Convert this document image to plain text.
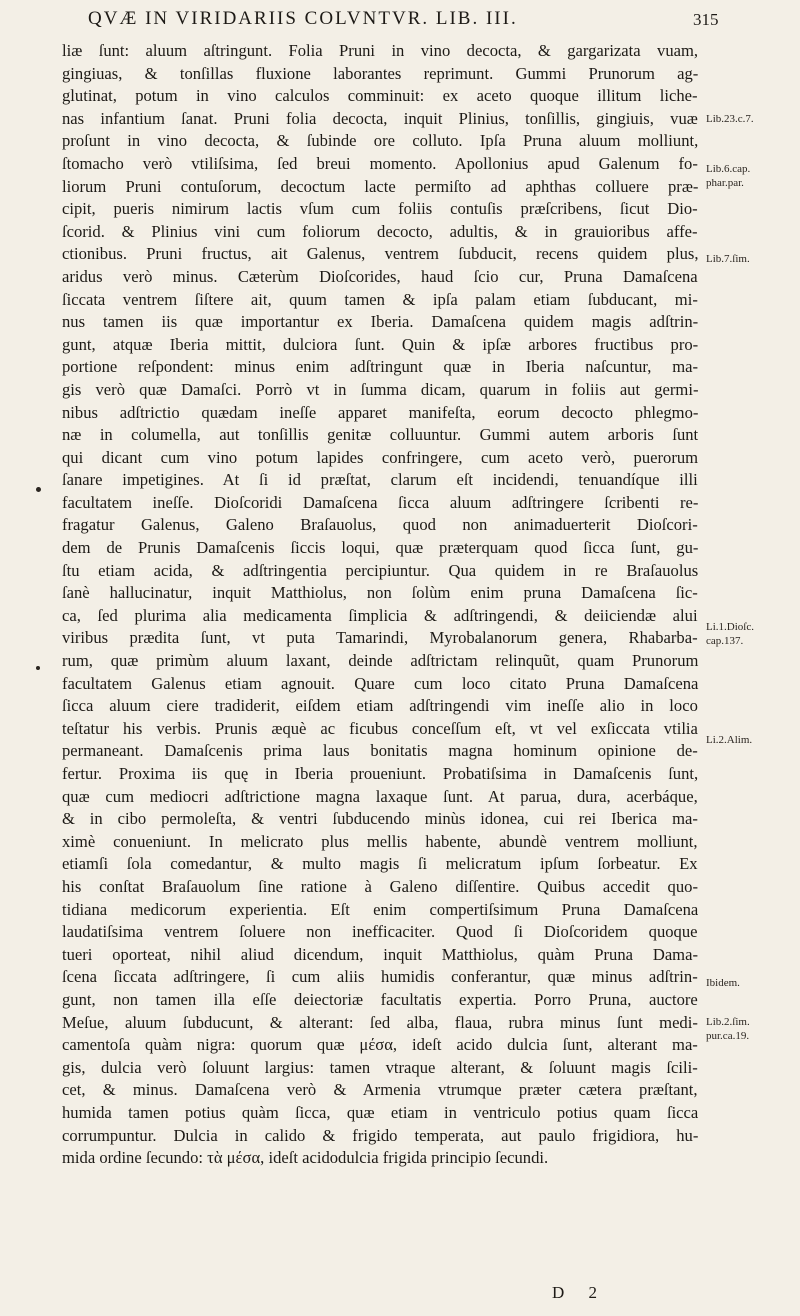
QVÆ IN VIRIDARIIS COLVNTVR. LIB. III.	315
liæ ſunt: aluum aſtringunt. Folia Pruni in vino decocta, & gargarizata vuam,
gingiuas, & tonſillas fluxione laborantes reprimunt. Gummi Prunorum ag-
glutinat, potum in vino calculos comminuit: ex aceto quoque illitum liche-
nas infantium ſanat. Pruni folia decocta, inquit Plinius, tonſillis, gingiuis, vuæ
proſunt in vino decocta, & ſubinde ore colluto. Ipſa Pruna aluum molliunt,
ſtomacho verò vtiliſsima, ſed breui momento. Apollonius apud Galenum fo-
liorum Pruni contuſorum, decoctum lacte permiſto ad aphthas colluere præ-
cipit, pueris nimirum lactis vſum cum foliis contuſis præſcribens, ſicut Dio-
ſcorid. & Plinius vini cum foliorum decocto, adultis, & in grauioribus affe-
ctionibus. Pruni fructus, ait Galenus, ventrem ſubducit, recens quidem plus,
aridus verò minus. Cæterùm Dioſcorides, haud ſcio cur, Pruna Damaſcena
ſiccata ventrem ſiſtere ait, quum tamen & ipſa palam etiam ſubducant, mi-
nus tamen iis quæ importantur ex Iberia. Damaſcena quidem magis adſtrin-
gunt, atquæ Iberia mittit, dulciora ſunt. Quin & ipſæ arbores fructibus pro-
portione reſpondent: minus enim adſtringunt quæ in Iberia naſcuntur, ma-
gis verò quæ Damaſci. Porrò vt in ſumma dicam, quarum in foliis aut germi-
nibus adſtrictio quædam ineſſe apparet manifeſta, eorum decocto phlegmo-
næ in columella, aut tonſillis genitæ colluuntur. Gummi autem arboris ſunt
qui dicant cum vino potum lapides confringere, cum aceto verò, puerorum
ſanare impetigines. At ſi id præſtat, clarum eſt incidendi, tenuandíque illi
facultatem ineſſe. Dioſcoridi Damaſcena ſicca aluum adſtringere ſcribenti re-
fragatur Galenus, Galeno Braſauolus, quod non animaduerterit Dioſcori-
dem de Prunis Damaſcenis ſiccis loqui, quæ præterquam quod ſicca ſunt, gu-
ſtu etiam acida, & adſtringentia percipiuntur. Qua quidem in re Braſauolus
ſanè hallucinatur, inquit Matthiolus, non ſolùm enim pruna Damaſcena ſic-
ca, ſed plurima alia medicamenta ſimplicia & adſtringendi, & deiiciendæ alui
viribus prædita ſunt, vt puta Tamarindi, Myrobalanorum genera, Rhabarba-
rum, quæ primùm aluum laxant, deinde adſtrictam relinquũt, quam Prunorum
facultatem Galenus etiam agnouit. Quare cum loco citato Pruna Damaſcena
ſicca aluum ciere tradiderit, eiſdem etiam adſtringendi vim ineſſe alio in loco
teſtatur his verbis. Prunis æquè ac ficubus conceſſum eſt, vt vel exſiccata vtilia
permaneant. Damaſcenis prima laus bonitatis magna hominum opinione de-
fertur. Proxima iis quę in Iberia proueniunt. Probatiſsima in Damaſcenis ſunt,
quæ cum mediocri adſtrictione magna laxaque ſunt. At parua, dura, acerbáque,
& in cibo permoleſta, & ventri ſubducendo minùs idonea, cui rei Iberica ma-
ximè conueniunt. In melicrato plus mellis habente, abundè ventrem molliunt,
etiamſi ſola comedantur, & multo magis ſi melicratum ipſum ſorbeatur. Ex
his conſtat Braſauolum ſine ratione à Galeno diſſentire. Quibus accedit quo-
tidiana medicorum experientia. Eſt enim compertiſsimum Pruna Damaſcena
laudatiſsima ventrem ſoluere non inefficaciter. Quod ſi Dioſcoridem quoque
tueri oporteat, nihil aliud dicendum, inquit Matthiolus, quàm Pruna Dama-
ſcena ſiccata adſtringere, ſi cum aliis humidis conferantur, quæ minus adſtrin-
gunt, non tamen illa eſſe deiectoriæ facultatis expertia. Porro Pruna, auctore
Meſue, aluum ſubducunt, & alterant: ſed alba, flaua, rubra minus ſunt medi-
camentoſa quàm nigra: quorum quæ μέσα, ideſt acido dulcia ſunt, alterant ma-
gis, dulcia verò ſoluunt largius: tamen vtraque alterant, & ſoluunt magis ſcili-
cet, & minus. Damaſcena verò & Armenia vtrumque præter cætera præſtant,
humida tamen potius quàm ſicca, quæ etiam in ventriculo potius quam ſicca
corrumpuntur. Dulcia in calido & frigido temperata, aut paulo frigidiora, hu-
mida ordine ſecundo: τὰ μέσα, ideſt acidodulcia frigida principio ſecundi.
Lib.23.c.7.
Lib.6.cap.
phar.par.
Lib.7.ſim.
Li.1.Dioſc.
cap.137.
Li.2.Alim.
Ibidem.
Lib.2.ſim.
pur.ca.19.
D 2
